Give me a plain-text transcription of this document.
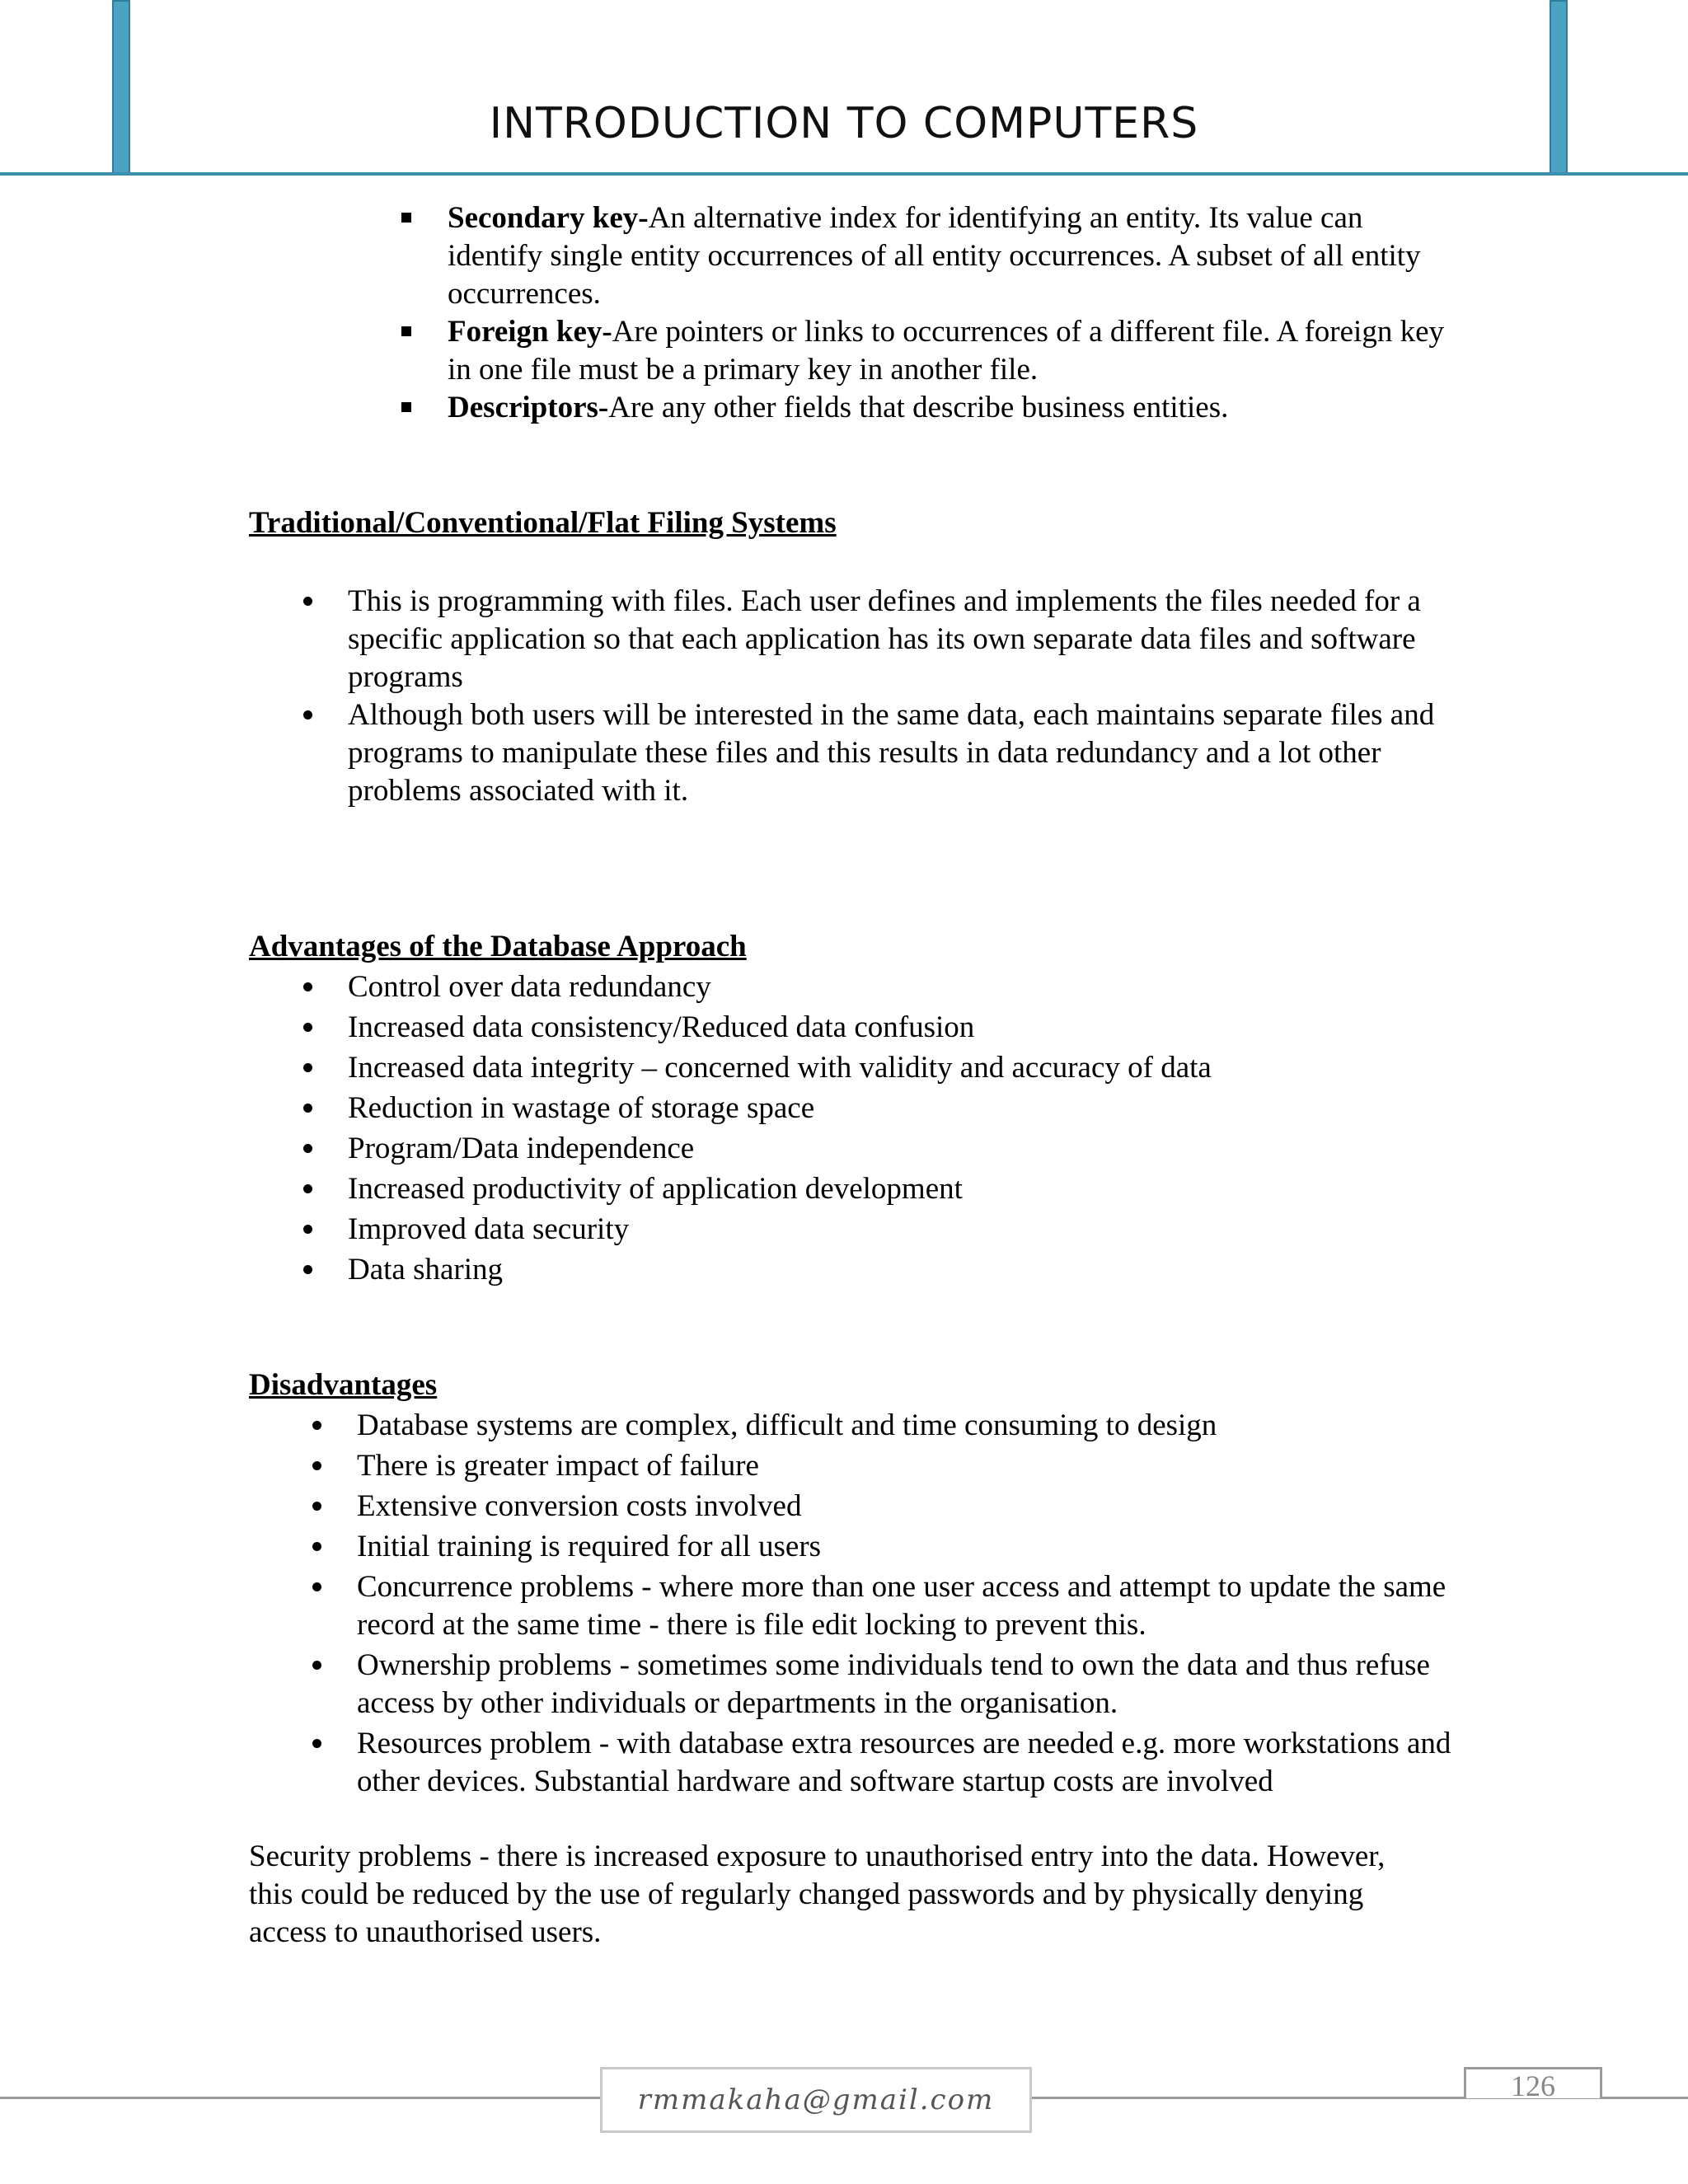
INTRODUCTION TO COMPUTERS
Secondary key-An alternative index for identifying an entity. Its value can identify single entity occurrences of all entity occurrences. A subset of all entity occurrences.
Foreign key-Are pointers or links to occurrences of a different file. A foreign key in one file must be a primary key in another file.
Descriptors-Are any other fields that describe business entities.
Traditional/Conventional/Flat Filing Systems
This is programming with files. Each user defines and implements the files needed for a specific application so that each application has its own separate data files and software programs
Although both users will be interested in the same data, each maintains separate files and programs to manipulate these files and this results in data redundancy and a lot other problems associated with it.
Advantages of the Database Approach
Control over data redundancy
Increased data consistency/Reduced data confusion
Increased data integrity – concerned with validity and accuracy of data
Reduction in wastage of storage space
Program/Data independence
Increased productivity of application development
Improved data security
Data sharing
Disadvantages
Database systems are complex, difficult and time consuming to design
There is greater impact of failure
Extensive conversion costs involved
Initial training is required for all users
Concurrence problems - where more than one user access and attempt to update the same record at the same time - there is file edit locking to prevent this.
Ownership problems - sometimes some individuals tend to own the data and thus refuse access by other individuals or departments in the organisation.
Resources problem - with database extra resources are needed e.g. more workstations and other devices. Substantial hardware and software startup costs are involved

Security problems - there is increased exposure to unauthorised entry into the data. However, this could be reduced by the use of regularly changed passwords and by physically denying access to unauthorised users.

rmmakaha@gmail.com	126
